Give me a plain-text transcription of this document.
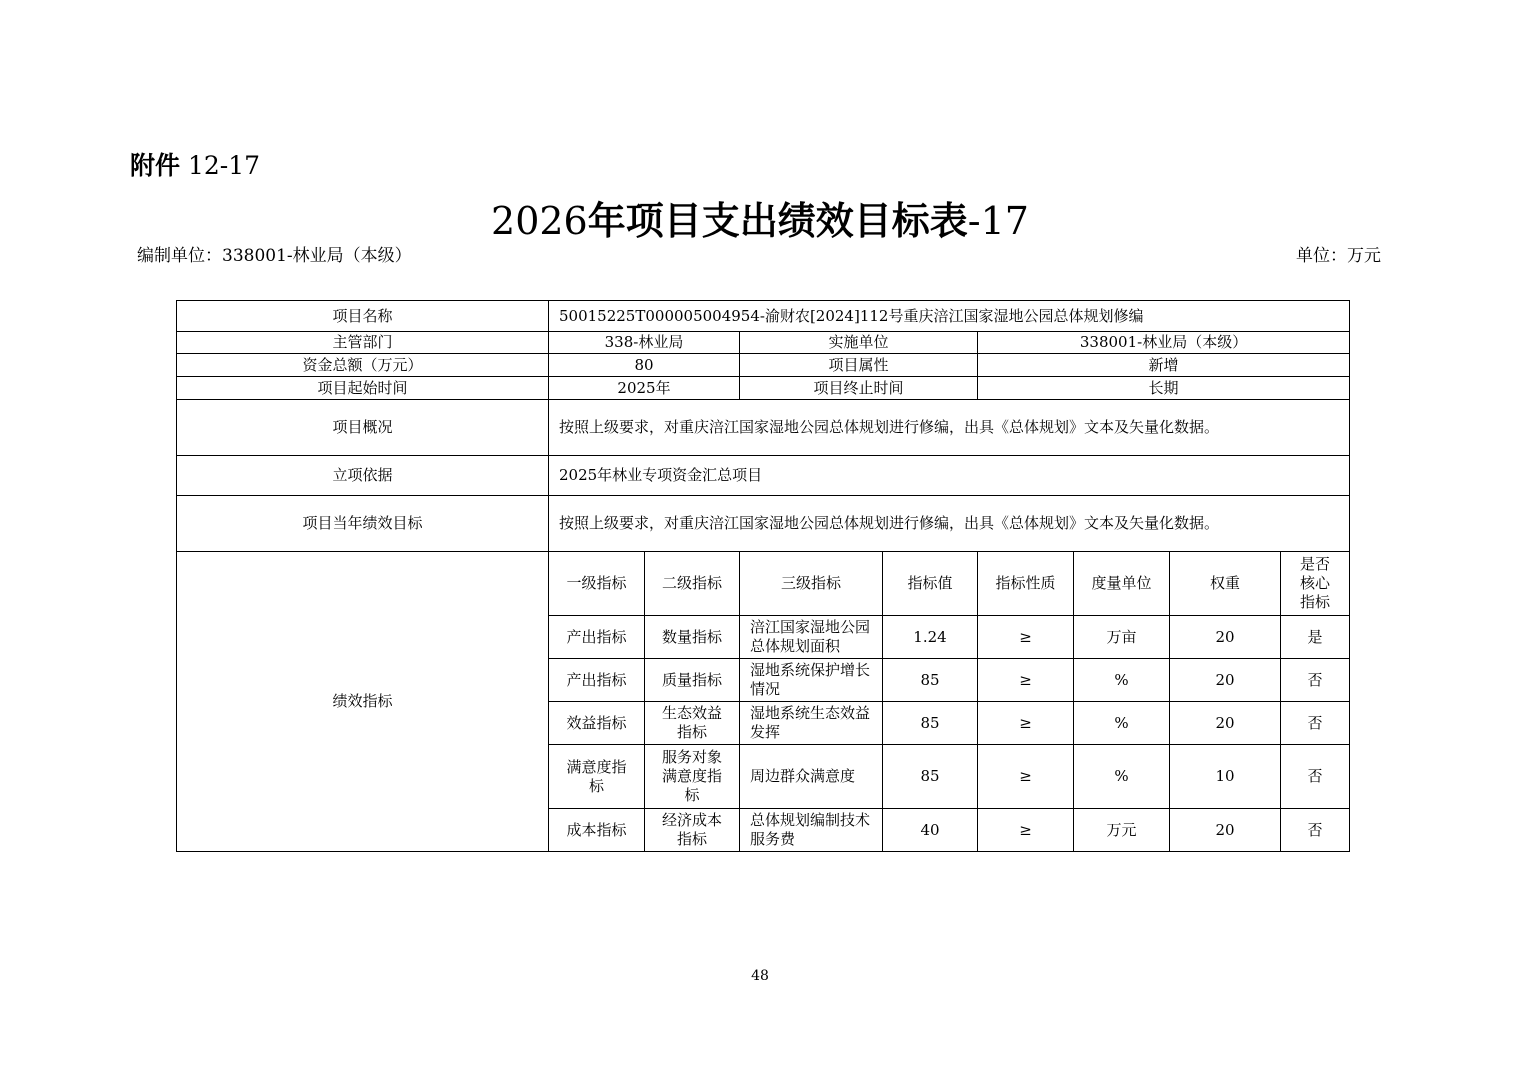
附件 12-17
2026年项目支出绩效目标表-17
编制单位：338001-林业局（本级）	单位：万元
项目名称	50015225T000005004954-渝财农[2024]112号重庆涪江国家湿地公园总体规划修编							
主管部门	338-林业局		实施单位		338001-林业局（本级）			
资金总额（万元）	80		项目属性		新增			
项目起始时间	2025年		项目终止时间		长期			
项目概况	按照上级要求，对重庆涪江国家湿地公园总体规划进行修编，出具《总体规划》文本及矢量化数据。							
立项依据	2025年林业专项资金汇总项目							
项目当年绩效目标	按照上级要求，对重庆涪江国家湿地公园总体规划进行修编，出具《总体规划》文本及矢量化数据。							
绩效指标	一级指标	二级指标	三级指标	指标值	指标性质	度量单位	权重	是否核心指标
	产出指标	数量指标	涪江国家湿地公园总体规划面积	1.24	≥	万亩	20	是
	产出指标	质量指标	湿地系统保护增长情况	85	≥	%	20	否
	效益指标	生态效益指标	湿地系统生态效益发挥	85	≥	%	20	否
	满意度指标	服务对象满意度指标	周边群众满意度	85	≥	%	10	否
	成本指标	经济成本指标	总体规划编制技术服务费	40	≥	万元	20	否
48
